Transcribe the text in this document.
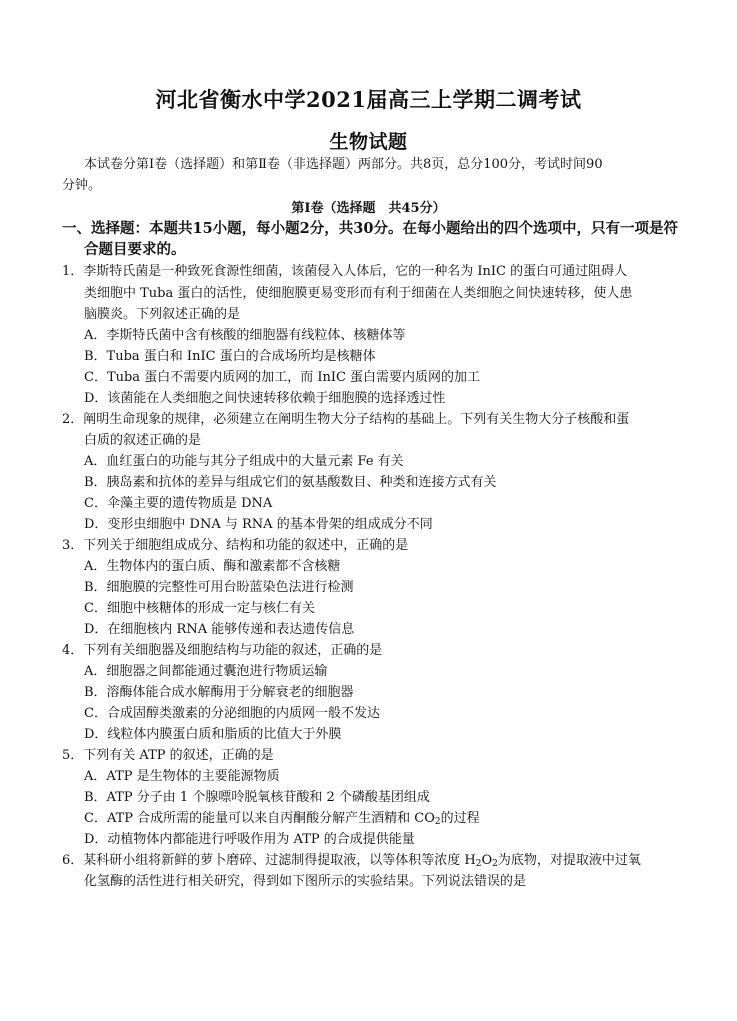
河北省衡水中学2021届高三上学期二调考试
生物试题
本试卷分第Ⅰ卷（选择题）和第Ⅱ卷（非选择题）两部分。共8页，总分100分，考试时间90
分钟。
第Ⅰ卷（选择题　共45分）
一、选择题：本题共15小题，每小题2分，共30分。在每小题给出的四个选项中，只有一项是符
合题目要求的。
1．李斯特氏菌是一种致死食源性细菌，该菌侵入人体后，它的一种名为 InIC 的蛋白可通过阻碍人
类细胞中 Tuba 蛋白的活性，使细胞膜更易变形而有利于细菌在人类细胞之间快速转移，使人患
脑膜炎。下列叙述正确的是
A．李斯特氏菌中含有核酸的细胞器有线粒体、核糖体等
B．Tuba 蛋白和 InIC 蛋白的合成场所均是核糖体
C．Tuba 蛋白不需要内质网的加工，而 InIC 蛋白需要内质网的加工
D．该菌能在人类细胞之间快速转移依赖于细胞膜的选择透过性
2．阐明生命现象的规律，必须建立在阐明生物大分子结构的基础上。下列有关生物大分子核酸和蛋
白质的叙述正确的是
A．血红蛋白的功能与其分子组成中的大量元素 Fe 有关
B．胰岛素和抗体的差异与组成它们的氨基酸数目、种类和连接方式有关
C．伞藻主要的遗传物质是 DNA
D．变形虫细胞中 DNA 与 RNA 的基本骨架的组成成分不同
3．下列关于细胞组成成分、结构和功能的叙述中，正确的是
A．生物体内的蛋白质、酶和激素都不含核糖
B．细胞膜的完整性可用台盼蓝染色法进行检测
C．细胞中核糖体的形成一定与核仁有关
D．在细胞核内 RNA 能够传递和表达遗传信息
4．下列有关细胞器及细胞结构与功能的叙述，正确的是
A．细胞器之间都能通过囊泡进行物质运输
B．溶酶体能合成水解酶用于分解衰老的细胞器
C．合成固醇类激素的分泌细胞的内质网一般不发达
D．线粒体内膜蛋白质和脂质的比值大于外膜
5．下列有关 ATP 的叙述，正确的是
A．ATP 是生物体的主要能源物质
B．ATP 分子由 1 个腺嘌呤脱氧核苷酸和 2 个磷酸基团组成
C．ATP 合成所需的能量可以来自丙酮酸分解产生酒精和 $CO_2$的过程
D．动植物体内都能进行呼吸作用为 ATP 的合成提供能量
6．某科研小组将新鲜的萝卜磨碎、过滤制得提取液，以等体积等浓度 $H_2O_2$为底物，对提取液中过氧
化氢酶的活性进行相关研究，得到如下图所示的实验结果。下列说法错误的是
